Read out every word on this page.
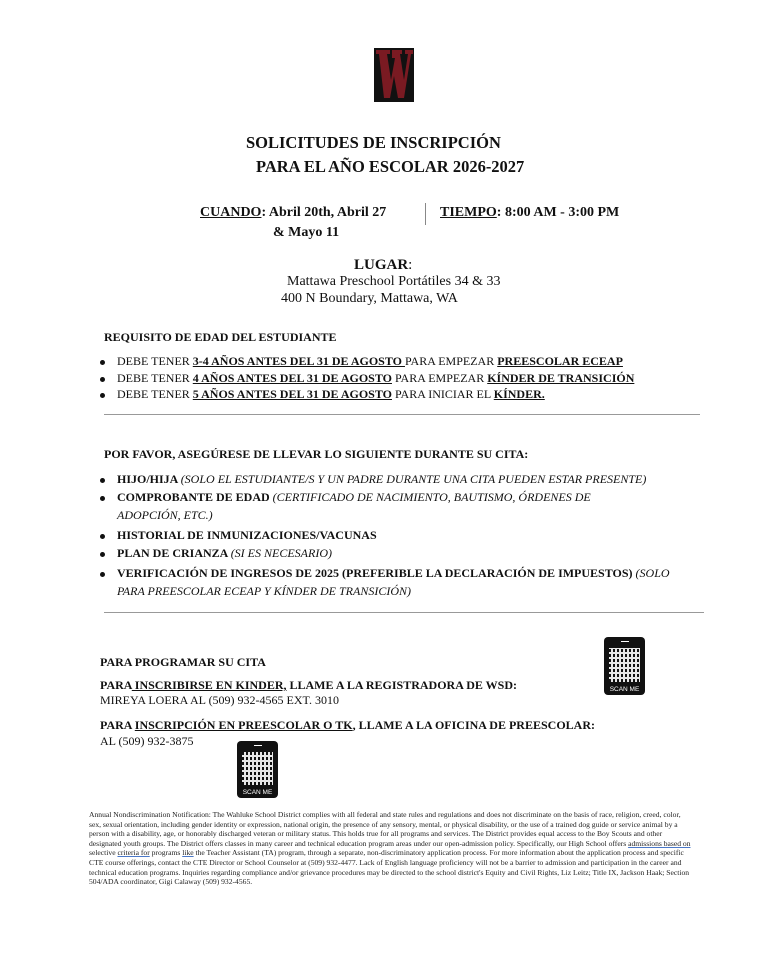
SOLICITUDES DE INSCRIPCIÓN
PARA EL AÑO ESCOLAR 2026-2027
CUANDO: Abril 20th, Abril 27
& Mayo 11
TIEMPO: 8:00 AM - 3:00 PM
LUGAR:
Mattawa Preschool Portátiles 34 & 33
400 N Boundary, Mattawa, WA
REQUISITO DE EDAD DEL ESTUDIANTE
DEBE TENER 3-4 AÑOS ANTES DEL 31 DE AGOSTO PARA EMPEZAR PREESCOLAR ECEAP
DEBE TENER 4 AÑOS ANTES DEL 31 DE AGOSTO PARA EMPEZAR KÍNDER DE TRANSICIÓN
DEBE TENER 5 AÑOS ANTES DEL 31 DE AGOSTO PARA INICIAR EL KÍNDER.
POR FAVOR, ASEGÚRESE DE LLEVAR LO SIGUIENTE DURANTE SU CITA:
HIJO/HIJA (SOLO EL ESTUDIANTE/S Y UN PADRE DURANTE UNA CITA PUEDEN ESTAR PRESENTE)
COMPROBANTE DE EDAD (CERTIFICADO DE NACIMIENTO, BAUTISMO, ÓRDENES DE
ADOPCIÓN, ETC.)
HISTORIAL DE INMUNIZACIONES/VACUNAS
PLAN DE CRIANZA (SI ES NECESARIO)
VERIFICACIÓN DE INGRESOS DE 2025 (PREFERIBLE LA DECLARACIÓN DE IMPUESTOS) (SOLO
PARA PREESCOLAR ECEAP Y KÍNDER DE TRANSICIÓN)
PARA PROGRAMAR SU CITA
PARA INSCRIBIRSE EN KINDER, LLAME A LA REGISTRADORA DE WSD:
MIREYA LOERA AL (509) 932-4565 EXT. 3010
PARA INSCRIPCIÓN EN PREESCOLAR O TK, LLAME A LA OFICINA DE PREESCOLAR:
AL (509) 932-3875
SCAN ME
SCAN ME
Annual Nondiscrimination Notification: The Wahluke School District complies with all federal and state rules and regulations and does not discriminate on the basis of race, religion, creed, color, sex, sexual orientation, including gender identity or expression, national origin, the presence of any sensory, mental, or physical disability, or the use of a trained dog guide or service animal by a person with a disability, age, or honorably discharged veteran or military status. This holds true for all programs and services. The District provides equal access to the Boy Scouts and other designated youth groups. The District offers classes in many career and technical education program areas under our open-admission policy. Specifically, our High School offers admissions based on selective criteria for programs like the Teacher Assistant (TA) program, through a separate, non-discriminatory application process. For more information about the application process and specific CTE course offerings, contact the CTE Director or School Counselor at (509) 932-4477. Lack of English language proficiency will not be a barrier to admission and participation in the career and technical education programs. Inquiries regarding compliance and/or grievance procedures may be directed to the school district's Equity and Civil Rights, Liz Leitz; Title IX, Jackson Haak; Section 504/ADA coordinator, Gigi Calaway (509) 932-4565.
